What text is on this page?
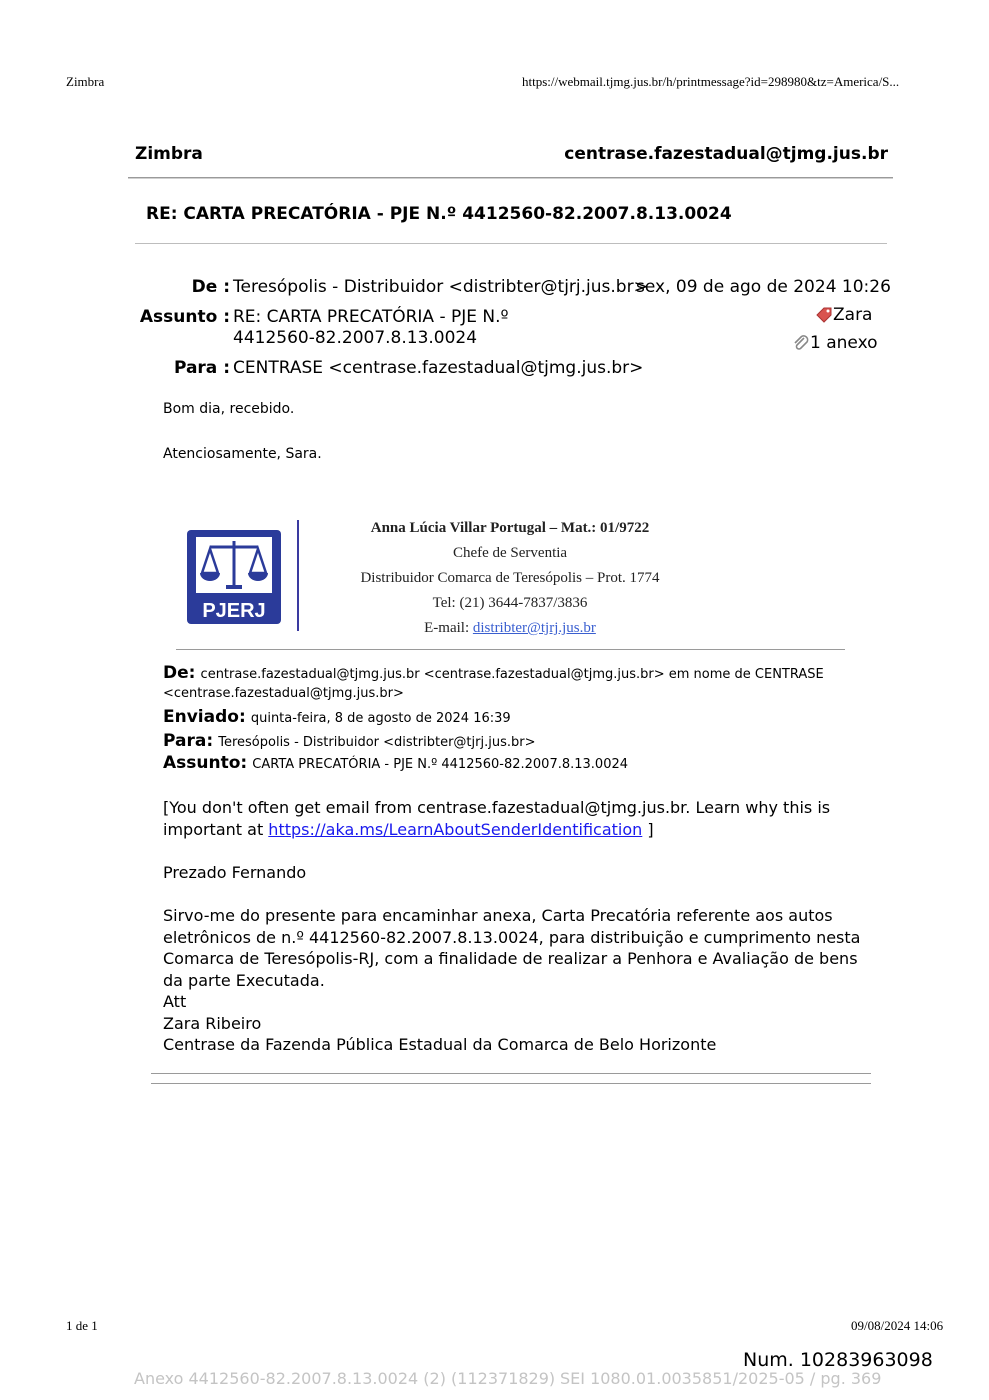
Zimbra	https://webmail.tjmg.jus.br/h/printmessage?id=298980&tz=America/S...
Zimbra	centrase.fazestadual@tjmg.jus.br
RE: CARTA PRECATÓRIA - PJE N.º 4412560-82.2007.8.13.0024
De : Teresópolis - Distribuidor <distribter@tjrj.jus.br>
sex, 09 de ago de 2024 10:26
Assunto : RE: CARTA PRECATÓRIA - PJE N.º
4412560-82.2007.8.13.0024
Para : CENTRASE <centrase.fazestadual@tjmg.jus.br>
Zara
1 anexo
Bom dia, recebido.
Atenciosamente, Sara.
PJERJ
Anna Lúcia Villar Portugal – Mat.: 01/9722
Chefe de Serventia
Distribuidor Comarca de Teresópolis – Prot. 1774
Tel: (21) 3644-7837/3836
E-mail: distribter@tjrj.jus.br
De: centrase.fazestadual@tjmg.jus.br <centrase.fazestadual@tjmg.jus.br> em nome de CENTRASE
<centrase.fazestadual@tjmg.jus.br>
Enviado: quinta-feira, 8 de agosto de 2024 16:39
Para: Teresópolis - Distribuidor <distribter@tjrj.jus.br>
Assunto: CARTA PRECATÓRIA - PJE N.º 4412560-82.2007.8.13.0024
[You don't often get email from centrase.fazestadual@tjmg.jus.br. Learn why this is important at https://aka.ms/LearnAboutSenderIdentification ]
Prezado Fernando
Sirvo-me do presente para encaminhar anexa, Carta Precatória referente aos autos eletrônicos de n.º 4412560-82.2007.8.13.0024, para distribuição e cumprimento nesta Comarca de Teresópolis-RJ, com a finalidade de realizar a Penhora e Avaliação de bens da parte Executada.
Att
Zara Ribeiro
Centrase da Fazenda Pública Estadual da Comarca de Belo Horizonte
1 de 1	09/08/2024 14:06
Num. 10283963098
Anexo 4412560-82.2007.8.13.0024 (2) (112371829) SEI 1080.01.0035851/2025-05 / pg. 369
